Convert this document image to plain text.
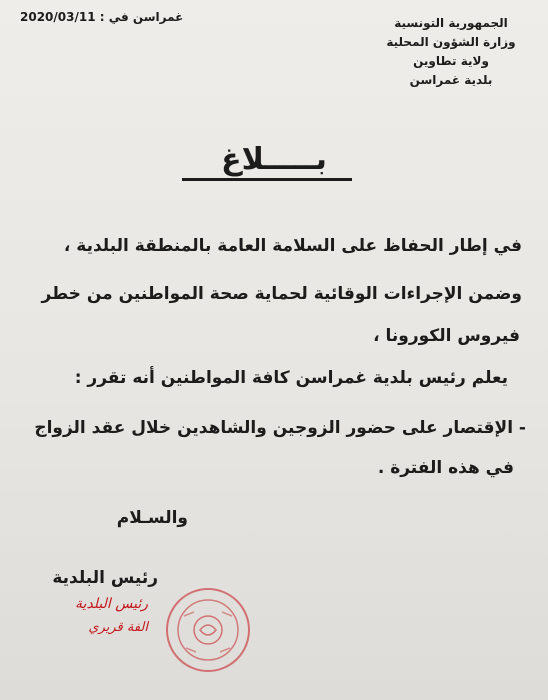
الجمهورية التونسية
وزارة الشؤون المحلية
ولاية تطاوين
بلدية غمراسن
غمراسن في : 2020/03/11
بـــــلاغ
في إطار الحفاظ على السلامة العامة بالمنطقة البلدية ،
وضمن الإجراءات الوقائية لحماية صحة المواطنين من خطر
فيروس الكورونا ،
يعلم رئيس بلدية غمراسن كافة المواطنين أنه تقرر :
- الإقتصار على حضور الزوجين والشاهدين خلال عقد الزواج
في هذه الفترة .
والسـلام
رئيس البلدية
رئيس البلدية
الفة قريري
